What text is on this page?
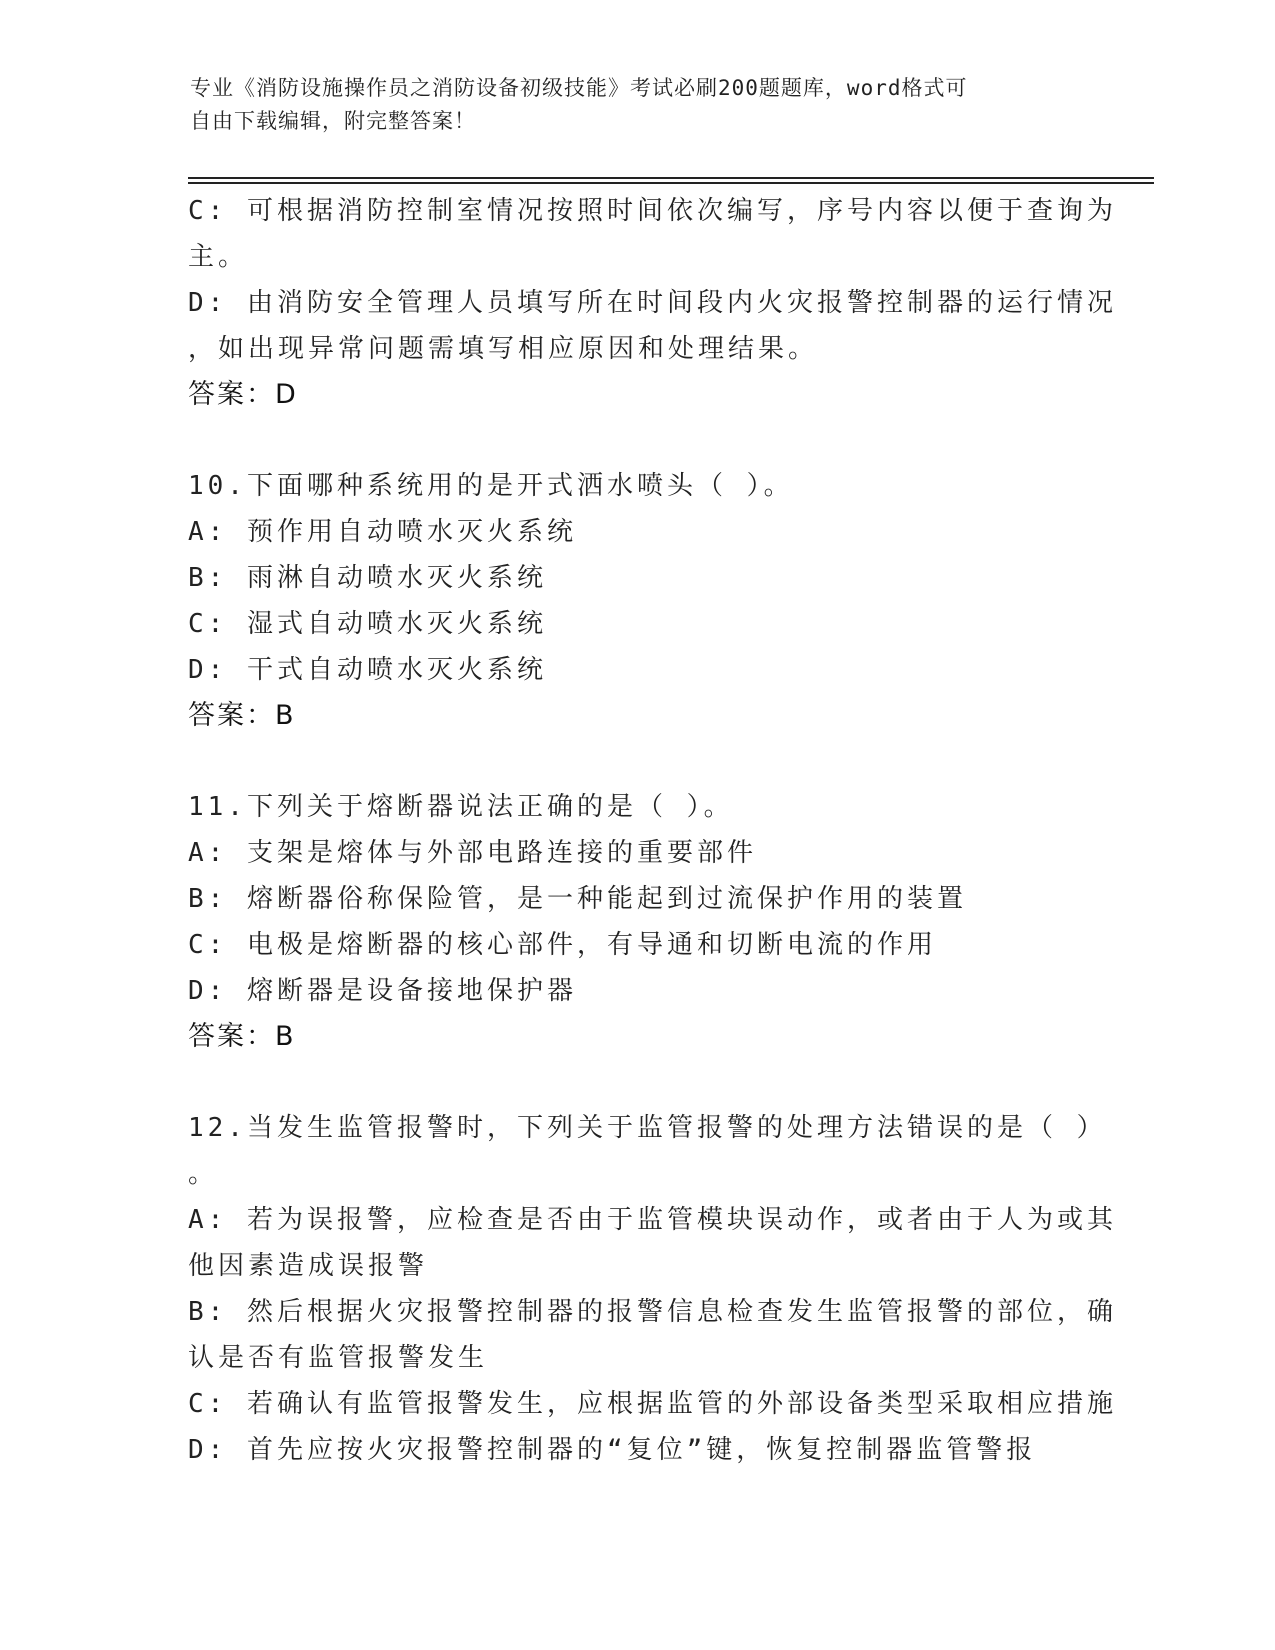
专业《消防设施操作员之消防设备初级技能》考试必刷200题题库，word格式可
自由下载编辑，附完整答案！
C: 可根据消防控制室情况按照时间依次编写，序号内容以便于查询为
主。
D: 由消防安全管理人员填写所在时间段内火灾报警控制器的运行情况
，如出现异常问题需填写相应原因和处理结果。
答案：D
10.下面哪种系统用的是开式洒水喷头（ ）。
A: 预作用自动喷水灭火系统
B: 雨淋自动喷水灭火系统
C: 湿式自动喷水灭火系统
D: 干式自动喷水灭火系统
答案：B
11.下列关于熔断器说法正确的是（ ）。
A: 支架是熔体与外部电路连接的重要部件
B: 熔断器俗称保险管，是一种能起到过流保护作用的装置
C: 电极是熔断器的核心部件，有导通和切断电流的作用
D: 熔断器是设备接地保护器
答案：B
12.当发生监管报警时，下列关于监管报警的处理方法错误的是（ ）
。
A: 若为误报警，应检查是否由于监管模块误动作，或者由于人为或其
他因素造成误报警
B: 然后根据火灾报警控制器的报警信息检查发生监管报警的部位，确
认是否有监管报警发生
C: 若确认有监管报警发生，应根据监管的外部设备类型采取相应措施
D: 首先应按火灾报警控制器的“复位”键，恢复控制器监管警报
